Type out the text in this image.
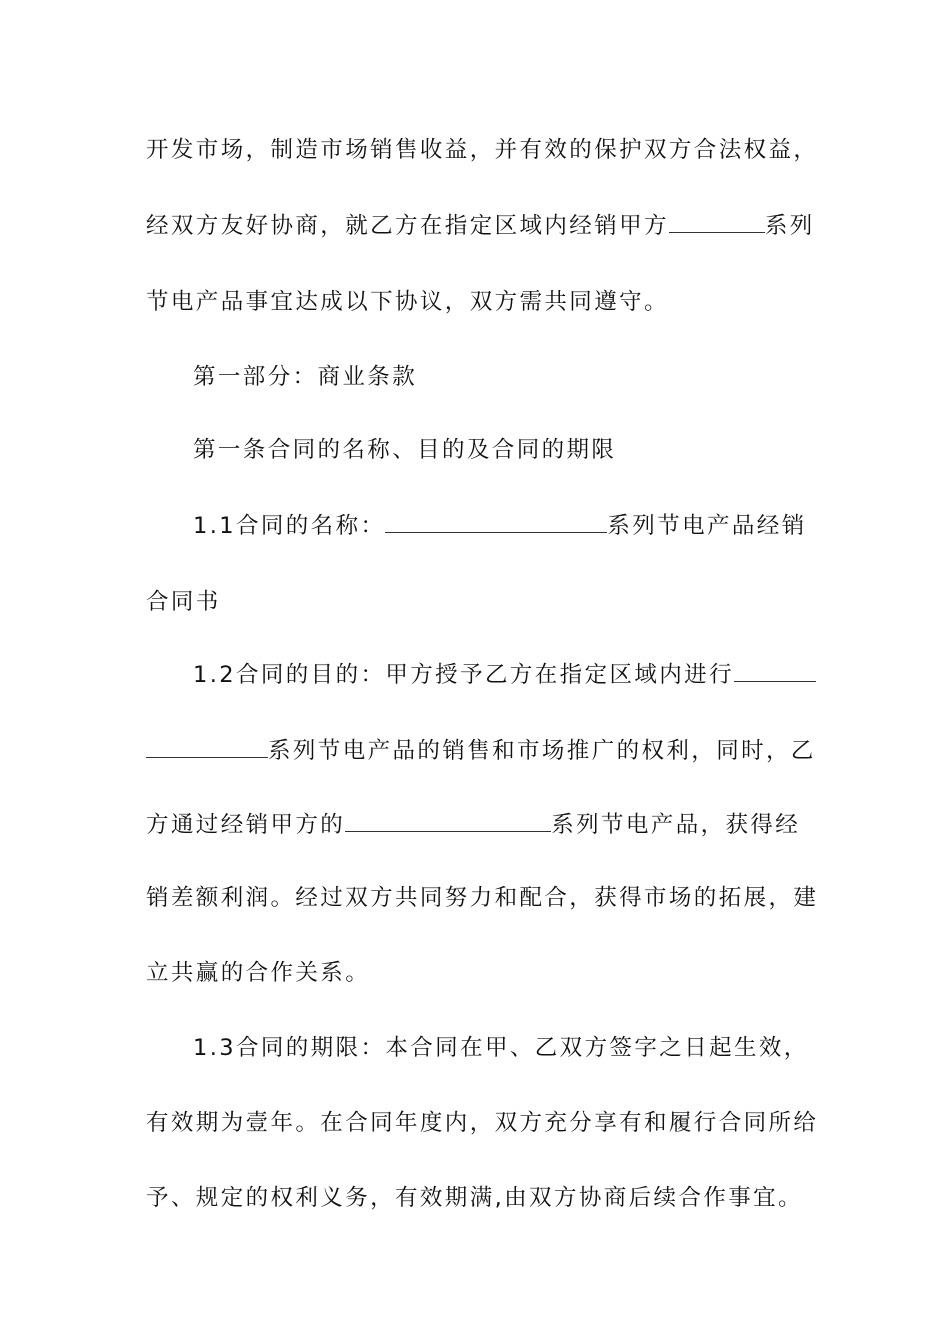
开发市场，制造市场销售收益，并有效的保护双方合法权益，
经双方友好协商，就乙方在指定区域内经销甲方	系列
节电产品事宜达成以下协议，双方需共同遵守。
第一部分：商业条款
第一条合同的名称、目的及合同的期限
1.1合同的名称：	系列节电产品经销
合同书
1.2合同的目的：甲方授予乙方在指定区域内进行
系列节电产品的销售和市场推广的权利，同时，乙
方通过经销甲方的	系列节电产品，获得经
销差额利润。经过双方共同努力和配合，获得市场的拓展，建
立共赢的合作关系。
1.3合同的期限：本合同在甲、乙双方签字之日起生效，
有效期为壹年。在合同年度内，双方充分享有和履行合同所给
予、规定的权利义务，有效期满,由双方协商后续合作事宜。
